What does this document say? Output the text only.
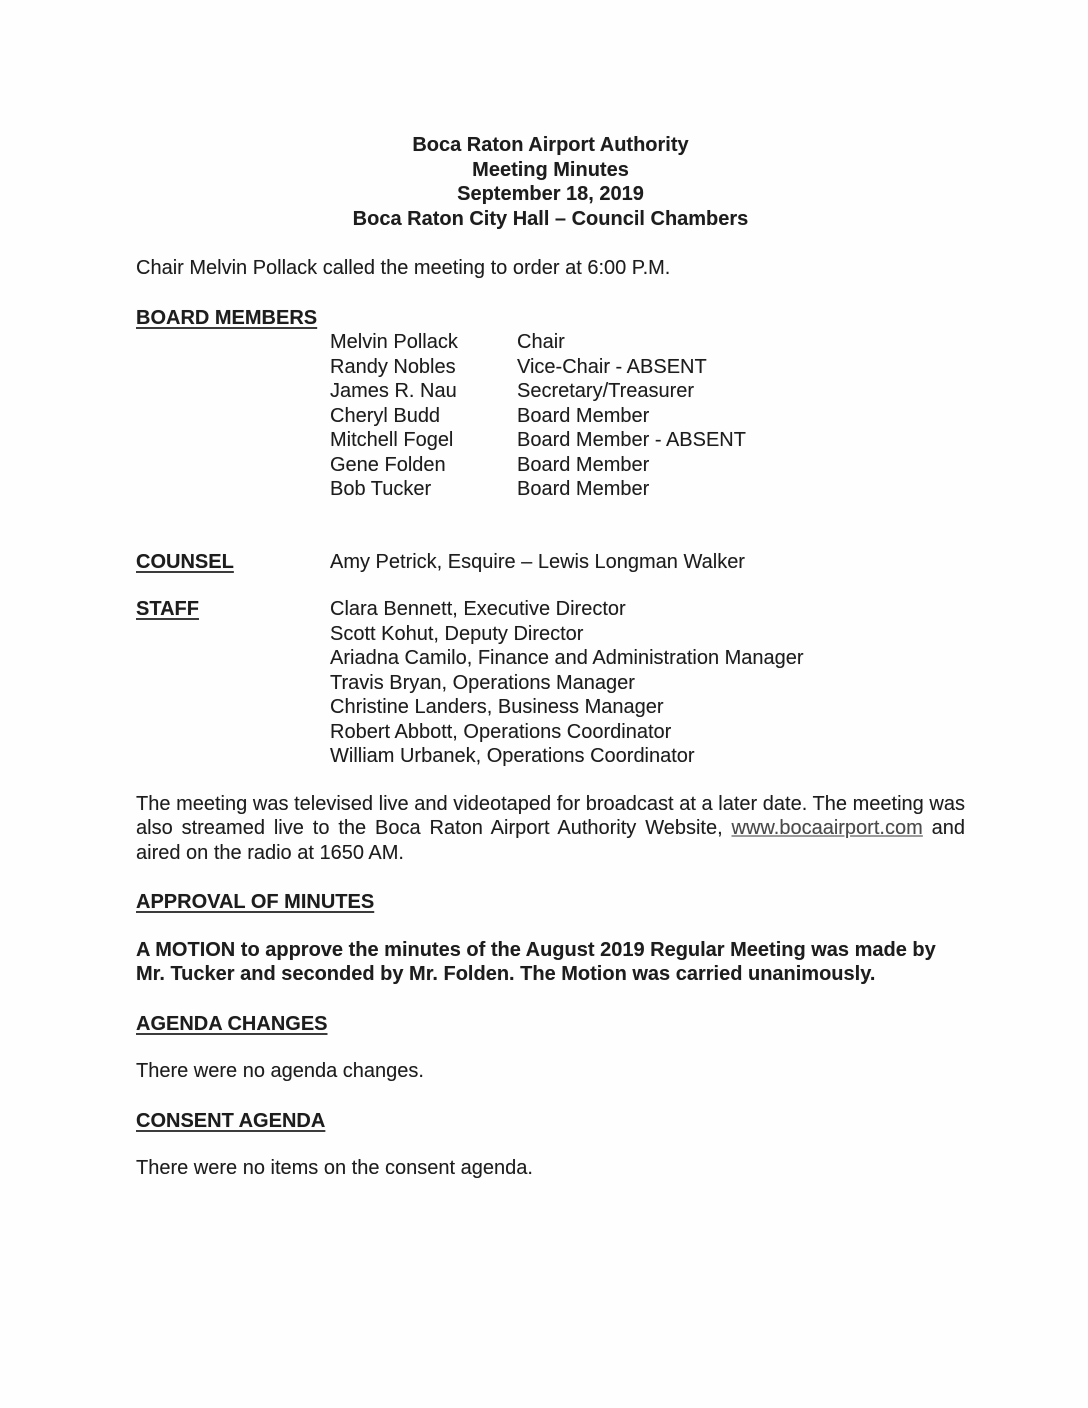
Boca Raton Airport Authority
Meeting Minutes
September 18, 2019
Boca Raton City Hall – Council Chambers

Chair Melvin Pollack called the meeting to order at 6:00 P.M.

BOARD MEMBERS
Melvin Pollack	Chair
Randy Nobles	Vice-Chair - ABSENT
James R. Nau	Secretary/Treasurer
Cheryl Budd	Board Member
Mitchell Fogel	Board Member - ABSENT
Gene Folden	Board Member
Bob Tucker	Board Member
COUNSEL	Amy Petrick, Esquire – Lewis Longman Walker
STAFF	Clara Bennett, Executive Director
Scott Kohut, Deputy Director
Ariadna Camilo, Finance and Administration Manager
Travis Bryan, Operations Manager
Christine Landers, Business Manager
Robert Abbott, Operations Coordinator
William Urbanek, Operations Coordinator

The meeting was televised live and videotaped for broadcast at a later date. The meeting was also streamed live to the Boca Raton Airport Authority Website, www.bocaairport.com and aired on the radio at 1650 AM.

APPROVAL OF MINUTES

A MOTION to approve the minutes of the August 2019 Regular Meeting was made by Mr. Tucker and seconded by Mr. Folden. The Motion was carried unanimously.

AGENDA CHANGES

There were no agenda changes.

CONSENT AGENDA

There were no items on the consent agenda.
